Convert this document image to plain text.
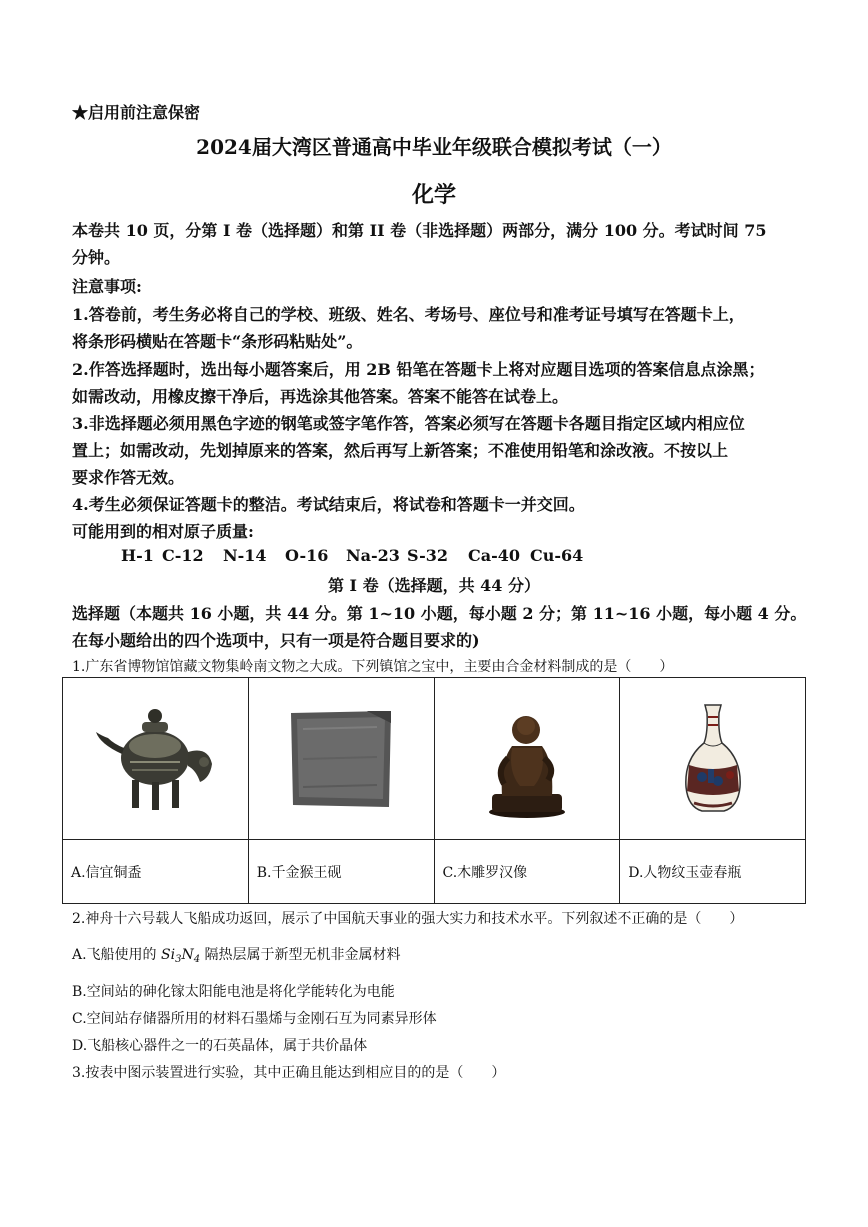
★启用前注意保密
2024届大湾区普通高中毕业年级联合模拟考试（一）
化学
本卷共 10 页，分第 I 卷（选择题）和第 II 卷（非选择题）两部分，满分 100 分。考试时间 75
分钟。
注意事项:
1.答卷前，考生务必将自己的学校、班级、姓名、考场号、座位号和准考证号填写在答题卡上，
将条形码横贴在答题卡“条形码粘贴处”。
2.作答选择题时，选出每小题答案后，用 2B 铅笔在答题卡上将对应题目选项的答案信息点涂黑；
如需改动，用橡皮擦干净后，再选涂其他答案。答案不能答在试卷上。
3.非选择题必须用黑色字迹的钢笔或签字笔作答，答案必须写在答题卡各题目指定区域内相应位
置上；如需改动，先划掉原来的答案，然后再写上新答案；不准使用铅笔和涂改液。不按以上
要求作答无效。
4.考生必须保证答题卡的整洁。考试结束后，将试卷和答题卡一并交回。
可能用到的相对原子质量:
H-1 C-12 N-14 O-16 Na-23 S-32 Ca-40 Cu-64
第 I 卷（选择题，共 44 分）
选择题（本题共 16 小题，共 44 分。第 1~10 小题，每小题 2 分；第 11~16 小题，每小题 4 分。
在每小题给出的四个选项中，只有一项是符合题目要求的)
1.广东省博物馆馆藏文物集岭南文物之大成。下列镇馆之宝中，主要由合金材料制成的是（　　）

A.信宜铜盉	B.千金猴王砚	C.木雕罗汉像	D.人物纹玉壶春瓶
2.神舟十六号载人飞船成功返回，展示了中国航天事业的强大实力和技术水平。下列叙述不正确的是（　　）
A.飞船使用的 $Si_3N_4$ 隔热层属于新型无机非金属材料
B.空间站的砷化镓太阳能电池是将化学能转化为电能
C.空间站存储器所用的材料石墨烯与金刚石互为同素异形体
D.飞船核心器件之一的石英晶体，属于共价晶体
3.按表中图示装置进行实验，其中正确且能达到相应目的的是（　　）
